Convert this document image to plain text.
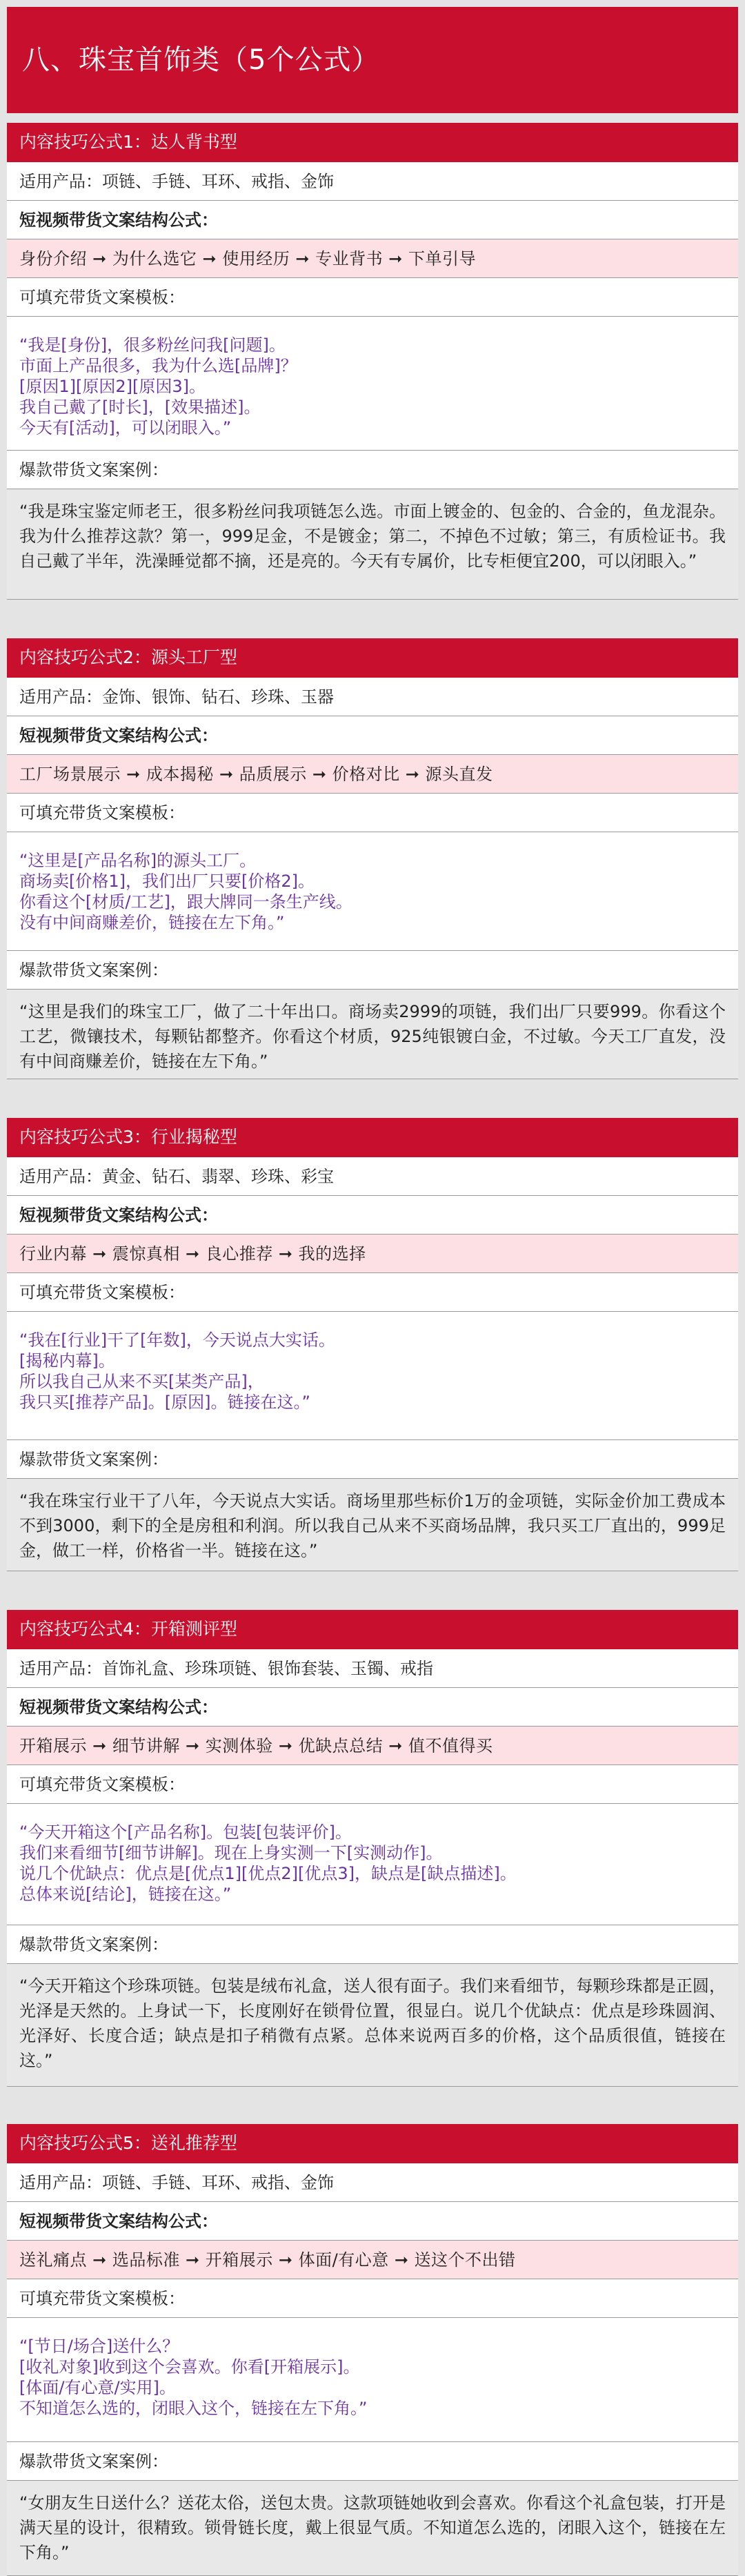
八、珠宝首饰类（5个公式）
内容技巧公式1：达人背书型
适用产品：项链、手链、耳环、戒指、金饰
短视频带货文案结构公式：
身份介绍 ➞ 为什么选它 ➞ 使用经历 ➞ 专业背书 ➞ 下单引导
可填充带货文案模板：
“我是[身份]，很多粉丝问我[问题]。
市面上产品很多，我为什么选[品牌]？
[原因1][原因2][原因3]。
我自己戴了[时长]，[效果描述]。
今天有[活动]，可以闭眼入。”
爆款带货文案案例：
“我是珠宝鉴定师老王，很多粉丝问我项链怎么选。市面上镀金的、包金的、合金的，鱼龙混杂。我为什么推荐这款？第一，999足金，不是镀金；第二，不掉色不过敏；第三，有质检证书。我自己戴了半年，洗澡睡觉都不摘，还是亮的。今天有专属价，比专柜便宜200，可以闭眼入。”
内容技巧公式2：源头工厂型
适用产品：金饰、银饰、钻石、珍珠、玉器
短视频带货文案结构公式：
工厂场景展示 ➞ 成本揭秘 ➞ 品质展示 ➞ 价格对比 ➞ 源头直发
可填充带货文案模板：
“这里是[产品名称]的源头工厂。
商场卖[价格1]，我们出厂只要[价格2]。
你看这个[材质/工艺]，跟大牌同一条生产线。
没有中间商赚差价，链接在左下角。”
爆款带货文案案例：
“这里是我们的珠宝工厂，做了二十年出口。商场卖2999的项链，我们出厂只要999。你看这个工艺，微镶技术，每颗钻都整齐。你看这个材质，925纯银镀白金，不过敏。今天工厂直发，没有中间商赚差价，链接在左下角。”
内容技巧公式3：行业揭秘型
适用产品：黄金、钻石、翡翠、珍珠、彩宝
短视频带货文案结构公式：
行业内幕 ➞ 震惊真相 ➞ 良心推荐 ➞ 我的选择
可填充带货文案模板：
“我在[行业]干了[年数]，今天说点大实话。
[揭秘内幕]。
所以我自己从来不买[某类产品]，
我只买[推荐产品]。[原因]。链接在这。”
爆款带货文案案例：
“我在珠宝行业干了八年，今天说点大实话。商场里那些标价1万的金项链，实际金价加工费成本不到3000，剩下的全是房租和利润。所以我自己从来不买商场品牌，我只买工厂直出的，999足金，做工一样，价格省一半。链接在这。”
内容技巧公式4：开箱测评型
适用产品：首饰礼盒、珍珠项链、银饰套装、玉镯、戒指
短视频带货文案结构公式：
开箱展示 ➞ 细节讲解 ➞ 实测体验 ➞ 优缺点总结 ➞ 值不值得买
可填充带货文案模板：
“今天开箱这个[产品名称]。包装[包装评价]。
我们来看细节[细节讲解]。现在上身实测一下[实测动作]。
说几个优缺点：优点是[优点1][优点2][优点3]，缺点是[缺点描述]。
总体来说[结论]，链接在这。”
爆款带货文案案例：
“今天开箱这个珍珠项链。包装是绒布礼盒，送人很有面子。我们来看细节，每颗珍珠都是正圆，光泽是天然的。上身试一下，长度刚好在锁骨位置，很显白。说几个优缺点：优点是珍珠圆润、光泽好、长度合适；缺点是扣子稍微有点紧。总体来说两百多的价格，这个品质很值，链接在这。”
内容技巧公式5：送礼推荐型
适用产品：项链、手链、耳环、戒指、金饰
短视频带货文案结构公式：
送礼痛点 ➞ 选品标准 ➞ 开箱展示 ➞ 体面/有心意 ➞ 送这个不出错
可填充带货文案模板：
“[节日/场合]送什么？
[收礼对象]收到这个会喜欢。你看[开箱展示]。
[体面/有心意/实用]。
不知道怎么选的，闭眼入这个，链接在左下角。”
爆款带货文案案例：
“女朋友生日送什么？送花太俗，送包太贵。这款项链她收到会喜欢。你看这个礼盒包装，打开是满天星的设计，很精致。锁骨链长度，戴上很显气质。不知道怎么选的，闭眼入这个，链接在左下角。”
